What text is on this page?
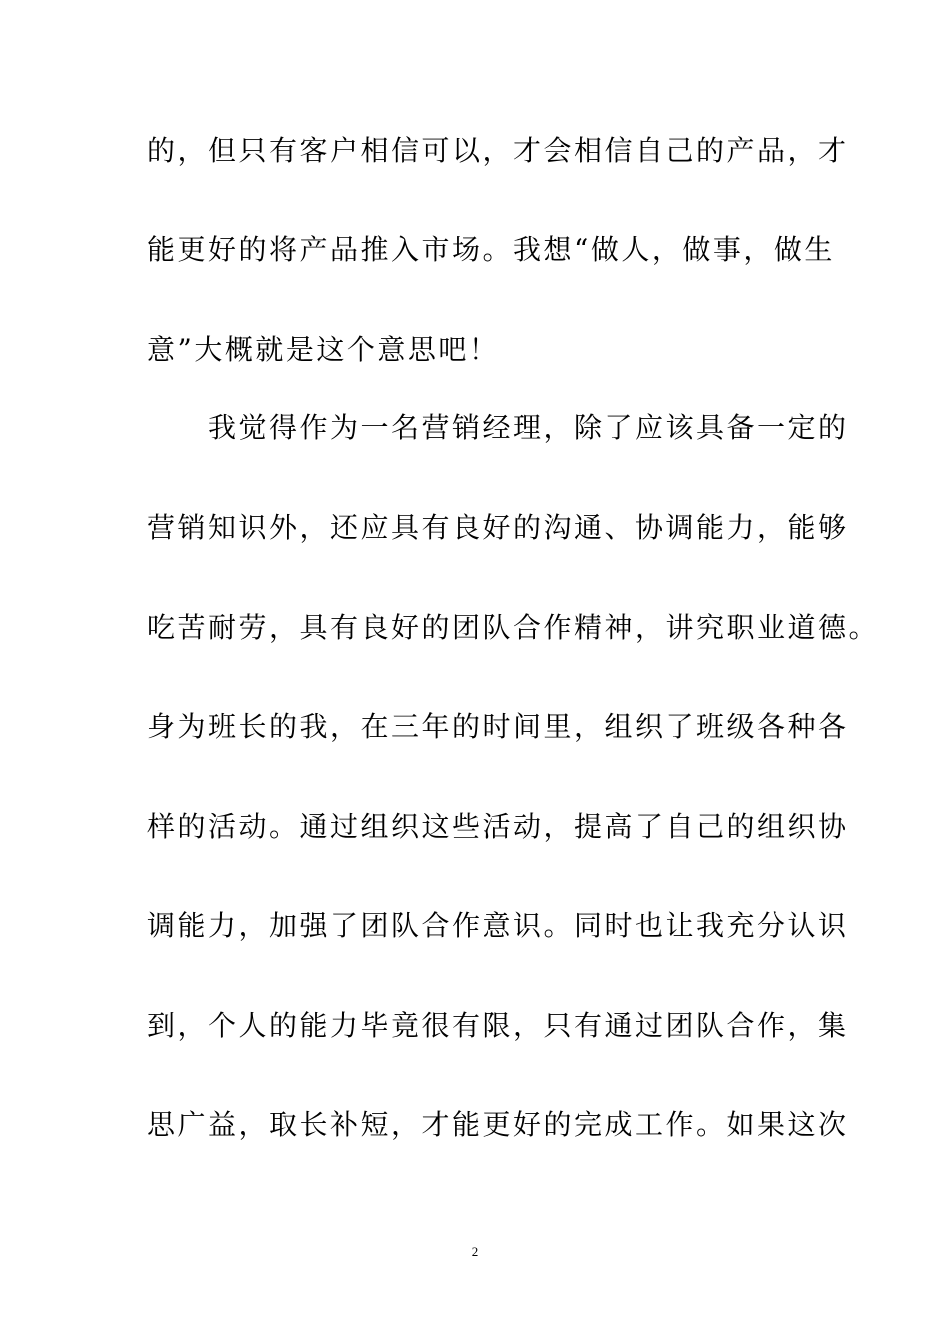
的，但只有客户相信可以，才会相信自己的产品，才

能更好的将产品推入市场。我想“做人，做事，做生

意”大概就是这个意思吧！

　　我觉得作为一名营销经理，除了应该具备一定的

营销知识外，还应具有良好的沟通、协调能力，能够

吃苦耐劳，具有良好的团队合作精神，讲究职业道德。

身为班长的我，在三年的时间里，组织了班级各种各

样的活动。通过组织这些活动，提高了自己的组织协

调能力，加强了团队合作意识。同时也让我充分认识

到，个人的能力毕竟很有限，只有通过团队合作，集

思广益，取长补短，才能更好的完成工作。如果这次

2
